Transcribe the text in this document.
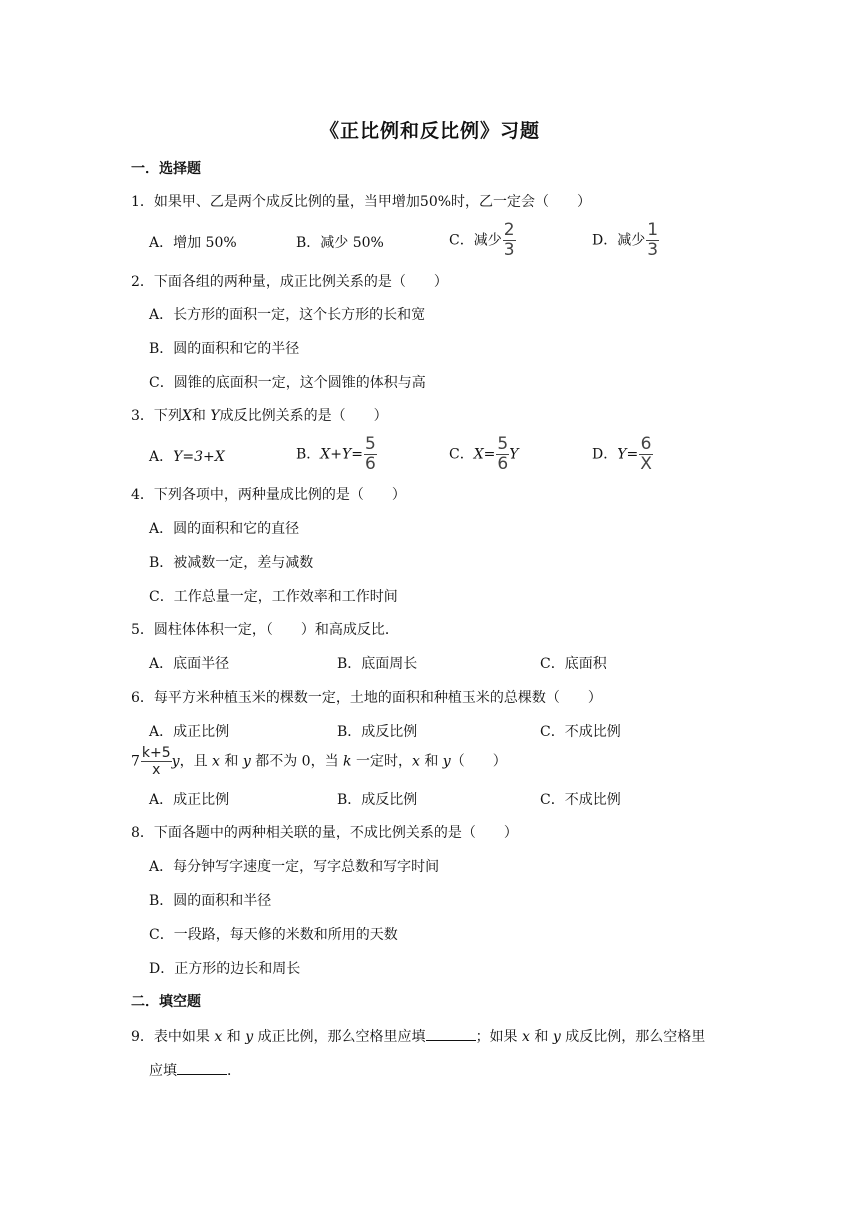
《正比例和反比例》习题
一．选择题
1．如果甲、乙是两个成反比例的量，当甲增加50%时，乙一定会（　　）
A．增加 50%	B．减少 50%	C．减少 $\frac{2}{3}$	D．减少 $\frac{1}{3}$
2．下面各组的两种量，成正比例关系的是（　　）
A．长方形的面积一定，这个长方形的长和宽
B．圆的面积和它的半径
C．圆锥的底面积一定，这个圆锥的体积与高
3．下列X和 Y成反比例关系的是（　　）
A．Y=3+X	B．$X+Y= \frac{5}{6}$	C．$X= \frac{5}{6}$ Y	D．$Y= \frac{6}{X}$
4．下列各项中，两种量成比例的是（　　）
A．圆的面积和它的直径
B．被减数一定，差与减数
C．工作总量一定，工作效率和工作时间
5．圆柱体体积一定，（　　）和高成反比．
A．底面半径	B．底面周长	C．底面积
6．每平方米种植玉米的棵数一定，土地的面积和种植玉米的总棵数（　　）
A．成正比例	B．成反比例	C．不成比例
$7 \frac{k+5}{x}$ y，且 x 和 y 都不为 0，当 k 一定时，x 和 y（　　）
A．成正比例	B．成反比例	C．不成比例
8．下面各题中的两种相关联的量，不成比例关系的是（　　）
A．每分钟写字速度一定，写字总数和写字时间
B．圆的面积和半径
C．一段路，每天修的米数和所用的天数
D．正方形的边长和周长
二．填空题
9．表中如果 x 和 y 成正比例，那么空格里应填	；如果 x 和 y 成反比例，那么空格里
应填	．
